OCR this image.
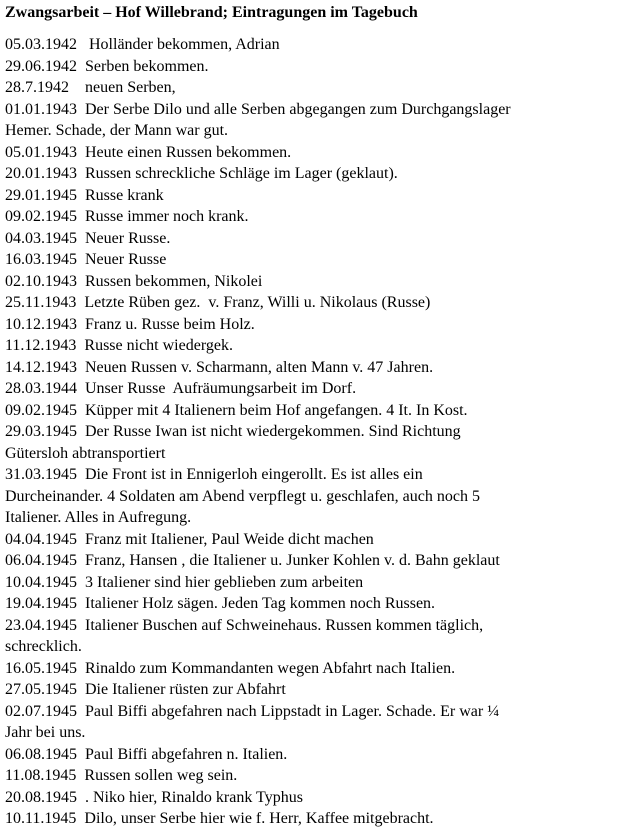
Zwangsarbeit – Hof Willebrand; Eintragungen im Tagebuch
05.03.1942 Holländer bekommen, Adrian
29.06.1942 Serben bekommen.
28.7.1942 neuen Serben,
01.01.1943 Der Serbe Dilo und alle Serben abgegangen zum Durchgangslager
Hemer. Schade, der Mann war gut.
05.01.1943 Heute einen Russen bekommen.
20.01.1943 Russen schreckliche Schläge im Lager (geklaut).
29.01.1945 Russe krank
09.02.1945 Russe immer noch krank.
04.03.1945 Neuer Russe.
16.03.1945 Neuer Russe
02.10.1943 Russen bekommen, Nikolei
25.11.1943 Letzte Rüben gez.  v. Franz, Willi u. Nikolaus (Russe)
10.12.1943 Franz u. Russe beim Holz.
11.12.1943 Russe nicht wiedergek.
14.12.1943 Neuen Russen v. Scharmann, alten Mann v. 47 Jahren.
28.03.1944 Unser Russe  Aufräumungsarbeit im Dorf.
09.02.1945 Küpper mit 4 Italienern beim Hof angefangen. 4 It. In Kost.
29.03.1945 Der Russe Iwan ist nicht wiedergekommen. Sind Richtung
Gütersloh abtransportiert
31.03.1945 Die Front ist in Ennigerloh eingerollt. Es ist alles ein
Durcheinander. 4 Soldaten am Abend verpflegt u. geschlafen, auch noch 5
Italiener. Alles in Aufregung.
04.04.1945 Franz mit Italiener, Paul Weide dicht machen
06.04.1945 Franz, Hansen , die Italiener u. Junker Kohlen v. d. Bahn geklaut
10.04.1945 3 Italiener sind hier geblieben zum arbeiten
19.04.1945 Italiener Holz sägen. Jeden Tag kommen noch Russen.
23.04.1945 Italiener Buschen auf Schweinehaus. Russen kommen täglich,
schrecklich.
16.05.1945 Rinaldo zum Kommandanten wegen Abfahrt nach Italien.
27.05.1945 Die Italiener rüsten zur Abfahrt
02.07.1945 Paul Biffi abgefahren nach Lippstadt in Lager. Schade. Er war ¼
Jahr bei uns.
06.08.1945 Paul Biffi abgefahren n. Italien.
11.08.1945 Russen sollen weg sein.
20.08.1945 . Niko hier, Rinaldo krank Typhus
10.11.1945 Dilo, unser Serbe hier wie f. Herr, Kaffee mitgebracht.
